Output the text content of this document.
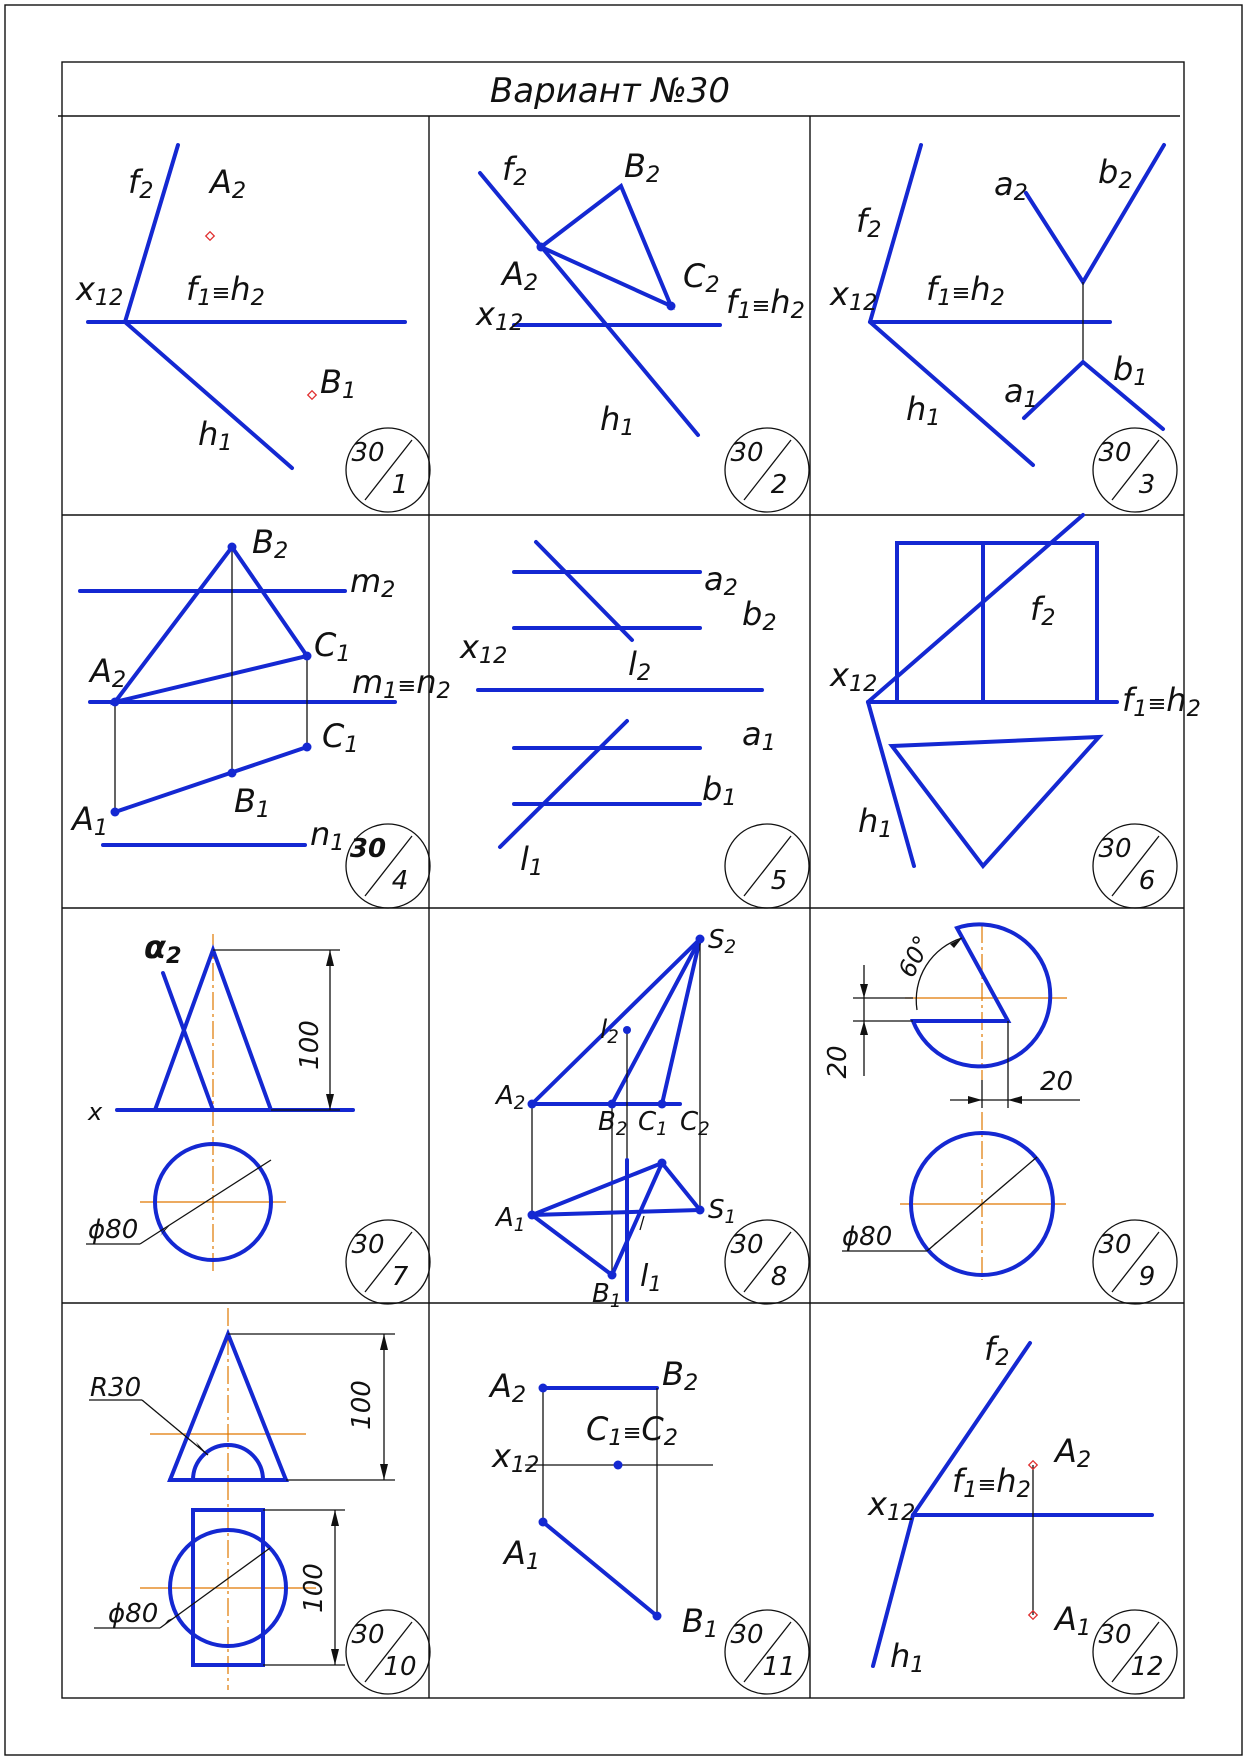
Вариант №30
f2 A2
x12 f1≡h2
B1
h1	30
1
f2	B2
A2	C2
x12
f1≡h2
h1
30
2
f2
a2
b2
x12 f1≡h2
a1
b1
h1
30
3
B2
m2
A2
C1
m1≡n2
C1
B1
A1	n1 30
4
a2
b2
x12	l2
a1
b1
l1	5
f2
x12	f1≡h2
h1
30
6
α2
x
100
ϕ80	30
7
S2
l2
A2
B2 C1 C2
A1
S1
B1
l1
30
8
60°
20
20
ϕ80	30
9
R30	100
100
ϕ80
30
10
A2
B2
C1≡C2
x12
A1
B1 30
11
f2
f1≡h2
A2
x12
A1
h1
30
12
